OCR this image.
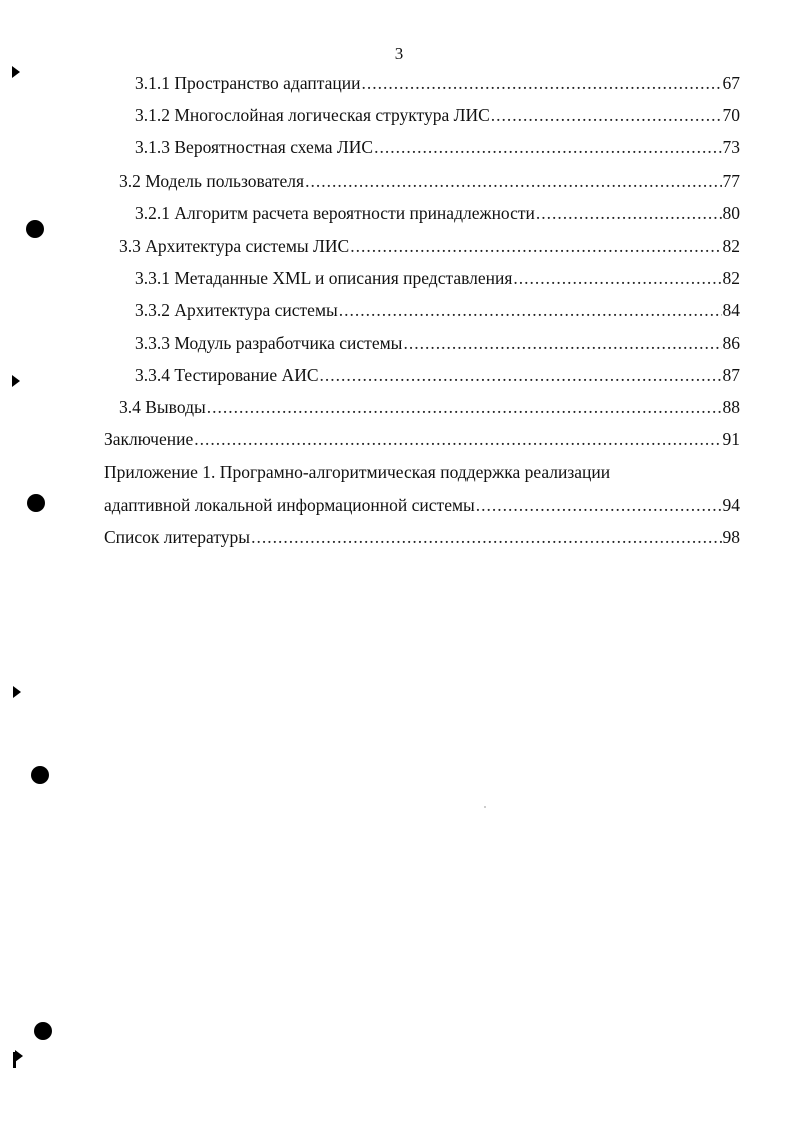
3
3.1.1 Пространство адаптации .....	67
3.1.2 Многослойная логическая структура ЛИС .....	70
3.1.3 Вероятностная схема ЛИС .....	73
3.2 Модель пользователя .....	77
3.2.1 Алгоритм расчета вероятности принадлежности .....	80
3.3 Архитектура системы ЛИС .....	82
3.3.1 Метаданные XML и описания представления .....	82
3.3.2 Архитектура системы .....	84
3.3.3 Модуль разработчика системы .....	86
3.3.4 Тестирование АИС .....	87
3.4 Выводы .....	88
Заключение .....	91
Приложение 1. Програмно-алгоритмическая поддержка реализации
адаптивной локальной информационной системы .....	94
Список литературы .....	98
